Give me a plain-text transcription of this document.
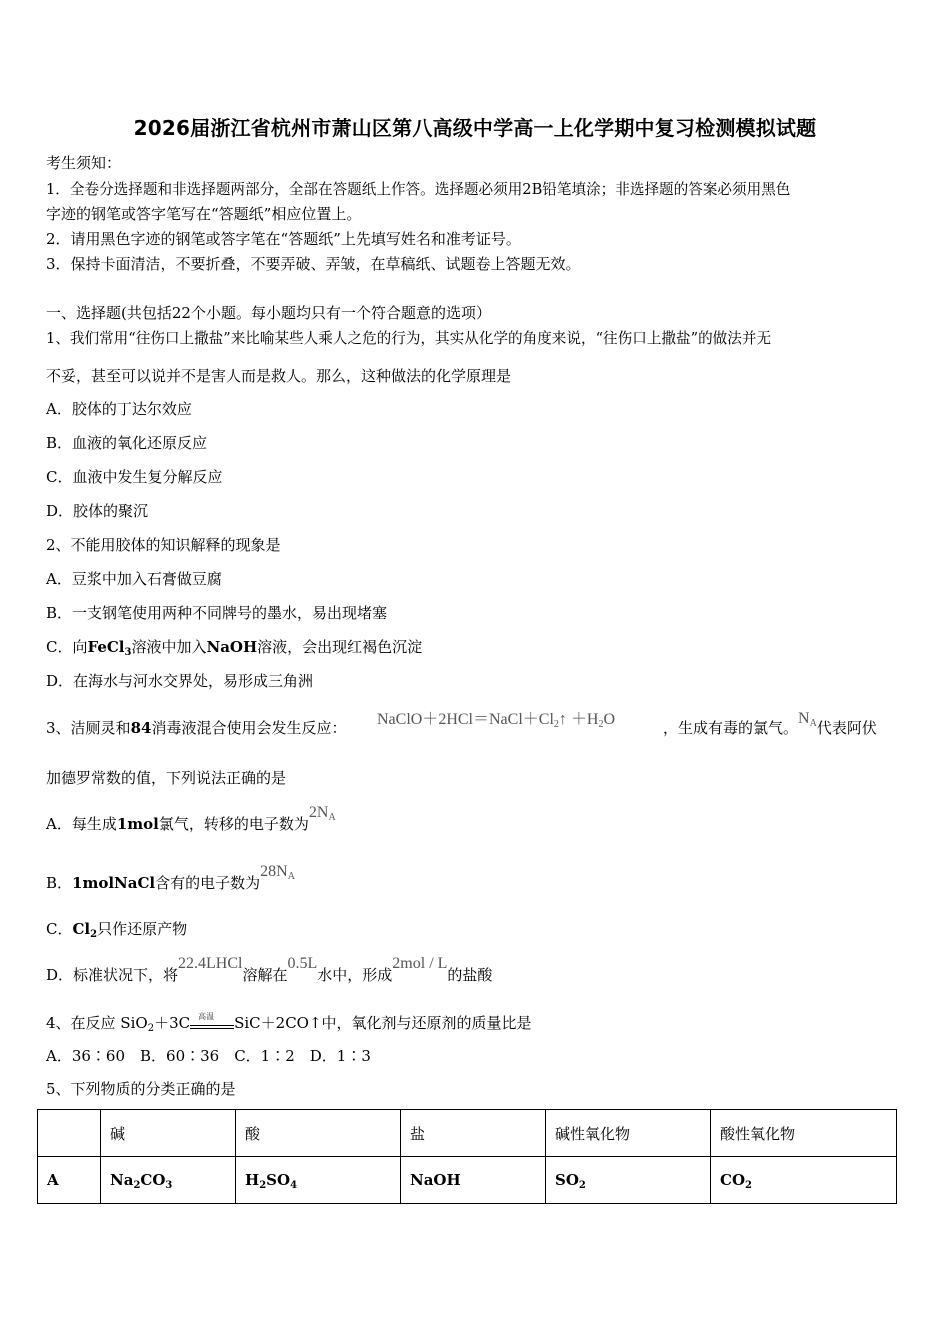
2026届浙江省杭州市萧山区第八高级中学高一上化学期中复习检测模拟试题
考生须知：
1．全卷分选择题和非选择题两部分，全部在答题纸上作答。选择题必须用2B铅笔填涂；非选择题的答案必须用黑色
字迹的钢笔或答字笔写在“答题纸”相应位置上。
2．请用黑色字迹的钢笔或答字笔在“答题纸”上先填写姓名和准考证号。
3．保持卡面清洁，不要折叠，不要弄破、弄皱，在草稿纸、试题卷上答题无效。
一、选择题(共包括22个小题。每小题均只有一个符合题意的选项）
1、我们常用“往伤口上撒盐”来比喻某些人乘人之危的行为，其实从化学的角度来说，“往伤口上撒盐”的做法并无
不妥，甚至可以说并不是害人而是救人。那么，这种做法的化学原理是
A．胶体的丁达尔效应
B．血液的氧化还原反应
C．血液中发生复分解反应
D．胶体的聚沉
2、不能用胶体的知识解释的现象是
A．豆浆中加入石膏做豆腐
B．一支钢笔使用两种不同牌号的墨水，易出现堵塞
C．向FeCl$_3$溶液中加入NaOH溶液，会出现红褐色沉淀
D．在海水与河水交界处，易形成三角洲
3、洁厕灵和84消毒液混合使用会发生反应： NaClO＋2HCl＝NaCl＋Cl2↑ ＋H2O	，生成有毒的氯气。NA代表阿伏
加德罗常数的值，下列说法正确的是
A．每生成1mol氯气，转移的电子数为2NA
B．1molNaCl含有的电子数为28NA
C．$Cl_2$只作还原产物
D．标准状况下，将22.4LHCl溶解在0.5L水中，形成2mol / L的盐酸
4、在反应 SiO$_2$＋3C 高温 SiC＋2CO↑中，氧化剂与还原剂的质量比是
A．36∶60　B．60∶36　C．1∶2　D．1∶3
5、下列物质的分类正确的是
	碱	酸	盐	碱性氧化物	酸性氧化物
A	$Na_2CO_3$	$H_2SO_4$	NaOH	$SO_2$	$CO_2$
